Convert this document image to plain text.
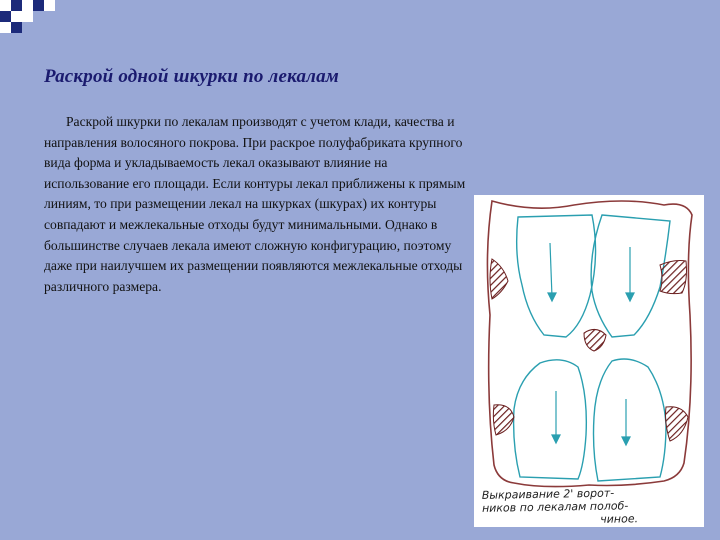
Раскрой одной шкурки по лекалам

Раскрой шкурки по лекалам производят с учетом клади, качества и направления волосяного покрова. При раскрое полуфабриката крупного вида форма и укладываемость лекал оказывают влияние на использование его площади. Если контуры лекал приближены к прямым линиям, то при размещении лекал на шкурках (шкурах) их контуры совпадают и межлекальные отходы будут минимальными. Однако в большинстве случаев лекала имеют сложную конфигурацию, поэтому даже при наилучшем их размещении появляются межлекальные отходы различного размера.

Выкраивание 2' ворот-
ников по лекалам полоб-
чиное.
